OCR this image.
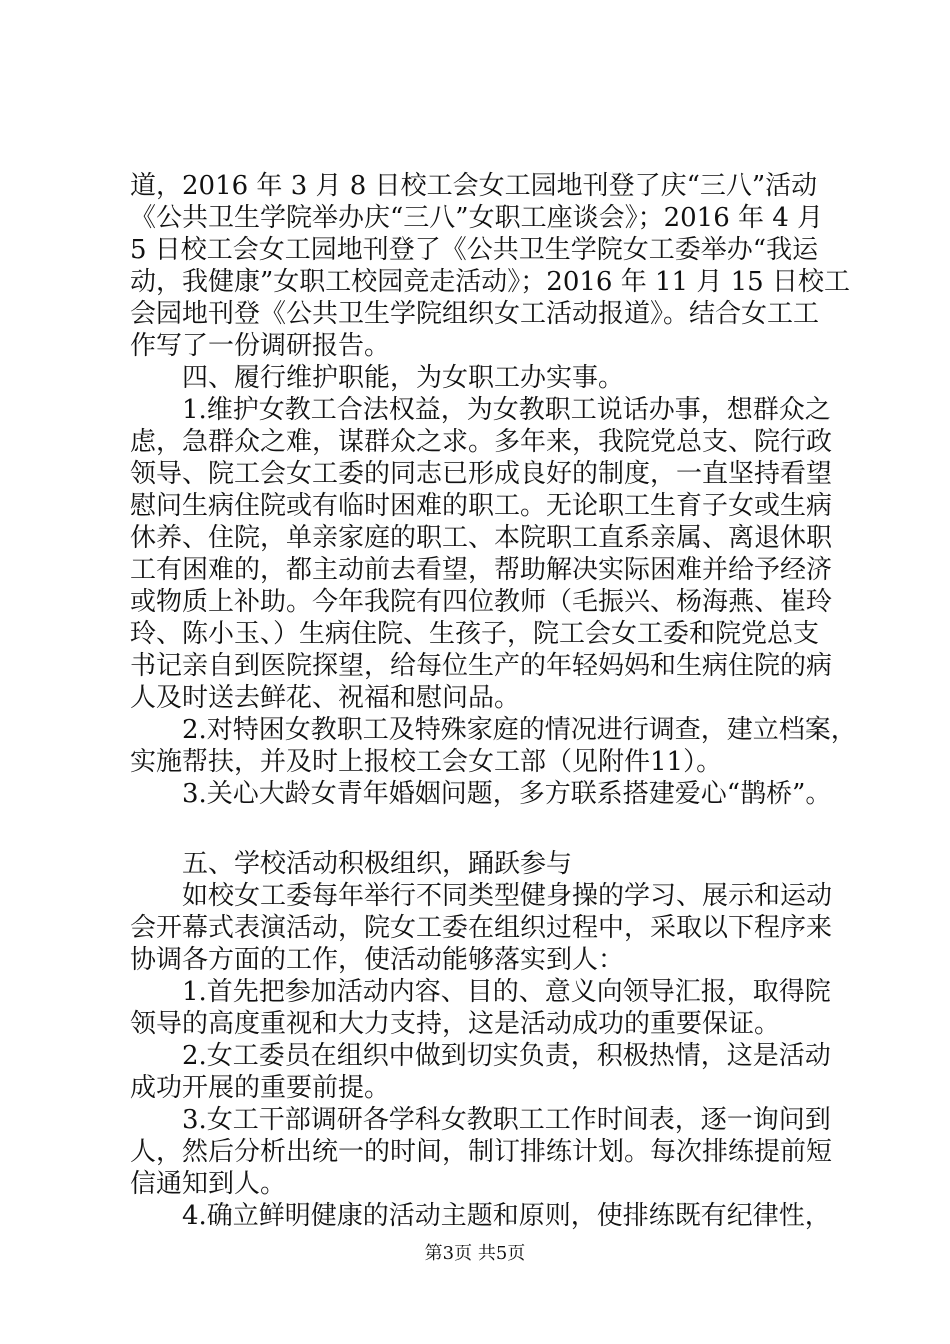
道，2016 年 3 月 8 日校工会女工园地刊登了庆“三八”活动
《公共卫生学院举办庆“三八”女职工座谈会》；2016 年 4 月
5 日校工会女工园地刊登了《公共卫生学院女工委举办“我运
动，我健康”女职工校园竞走活动》；2016 年 11 月 15 日校工
会园地刊登《公共卫生学院组织女工活动报道》。结合女工工
作写了一份调研报告。
四、履行维护职能，为女职工办实事。
1.维护女教工合法权益，为女教职工说话办事，想群众之
虑，急群众之难，谋群众之求。多年来，我院党总支、院行政
领导、院工会女工委的同志已形成良好的制度，一直坚持看望
慰问生病住院或有临时困难的职工。无论职工生育子女或生病
休养、住院，单亲家庭的职工、本院职工直系亲属、离退休职
工有困难的，都主动前去看望，帮助解决实际困难并给予经济
或物质上补助。今年我院有四位教师（毛振兴、杨海燕、崔玲
玲、陈小玉、）生病住院、生孩子，院工会女工委和院党总支
书记亲自到医院探望，给每位生产的年轻妈妈和生病住院的病
人及时送去鲜花、祝福和慰问品。
2.对特困女教职工及特殊家庭的情况进行调查，建立档案，
实施帮扶，并及时上报校工会女工部（见附件11）。
3.关心大龄女青年婚姻问题，多方联系搭建爱心“鹊桥”。
五、学校活动积极组织，踊跃参与
如校女工委每年举行不同类型健身操的学习、展示和运动
会开幕式表演活动，院女工委在组织过程中，采取以下程序来
协调各方面的工作，使活动能够落实到人：
1.首先把参加活动内容、目的、意义向领导汇报，取得院
领导的高度重视和大力支持，这是活动成功的重要保证。
2.女工委员在组织中做到切实负责，积极热情，这是活动
成功开展的重要前提。
3.女工干部调研各学科女教职工工作时间表，逐一询问到
人，然后分析出统一的时间，制订排练计划。每次排练提前短
信通知到人。
4.确立鲜明健康的活动主题和原则，使排练既有纪律性，
第3页 共5页
